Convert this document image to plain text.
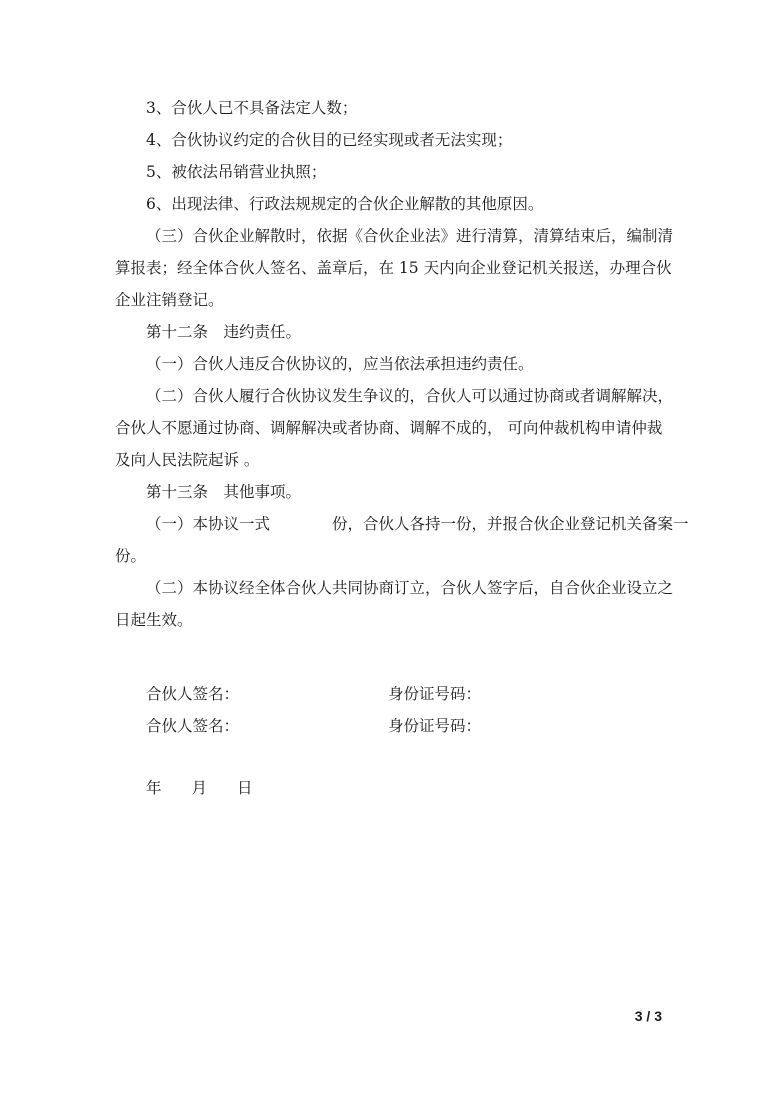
3、合伙人已不具备法定人数；
4、合伙协议约定的合伙目的已经实现或者无法实现；
5、被依法吊销营业执照；
6、出现法律、行政法规规定的合伙企业解散的其他原因。

（三）合伙企业解散时，依据《合伙企业法》进行清算，清算结束后，编制清
算报表；经全体合伙人签名、盖章后，在 15 天内向企业登记机关报送，办理合伙
企业注销登记。

第十二条　违约责任。
（一）合伙人违反合伙协议的，应当依法承担违约责任。

（二）合伙人履行合伙协议发生争议的，合伙人可以通过协商或者调解解决，
合伙人不愿通过协商、调解解决或者协商、调解不成的， 可向仲裁机构申请仲裁
及向人民法院起诉 。

第十三条　其他事项。

（一）本协议一式	份，合伙人各持一份，并报合伙企业登记机关备案一
份。

（二）本协议经全体合伙人共同协商订立，合伙人签字后，自合伙企业设立之
日起生效。

合伙人签名：	身份证号码：
合伙人签名：	身份证号码：
年 月 日
3 / 3
